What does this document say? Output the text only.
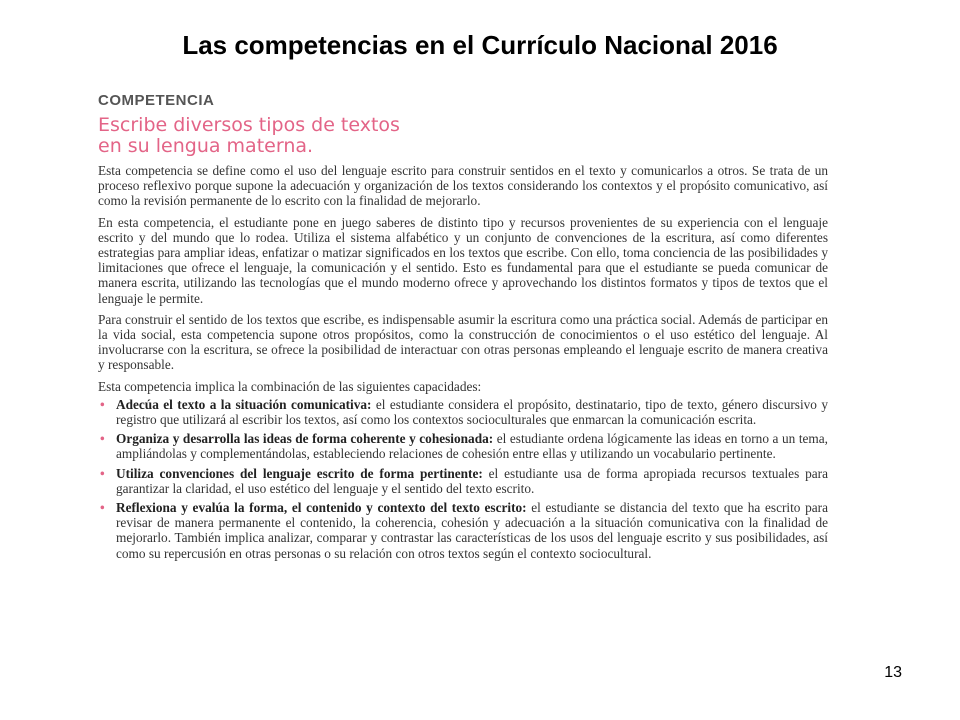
Las competencias en el Currículo Nacional 2016
COMPETENCIA
Escribe diversos tipos de textos
en su lengua materna.

Esta competencia se define como el uso del lenguaje escrito para construir sentidos en el texto y comunicarlos a otros. Se trata de un proceso reflexivo porque supone la adecuación y organización de los textos considerando los contextos y el propósito comunicativo, así como la revisión permanente de lo escrito con la finalidad de mejorarlo.

En esta competencia, el estudiante pone en juego saberes de distinto tipo y recursos provenientes de su experiencia con el lenguaje escrito y del mundo que lo rodea. Utiliza el sistema alfabético y un conjunto de convenciones de la escritura, así como diferentes estrategias para ampliar ideas, enfatizar o matizar significados en los textos que escribe. Con ello, toma conciencia de las posibilidades y limitaciones que ofrece el lenguaje, la comunicación y el sentido. Esto es fundamental para que el estudiante se pueda comunicar de manera escrita, utilizando las tecnologías que el mundo moderno ofrece y aprovechando los distintos formatos y tipos de textos que el lenguaje le permite.

Para construir el sentido de los textos que escribe, es indispensable asumir la escritura como una práctica social. Además de participar en la vida social, esta competencia supone otros propósitos, como la construcción de conocimientos o el uso estético del lenguaje. Al involucrarse con la escritura, se ofrece la posibilidad de interactuar con otras personas empleando el lenguaje escrito de manera creativa y responsable.

Esta competencia implica la combinación de las siguientes capacidades:

• Adecúa el texto a la situación comunicativa: el estudiante considera el propósito, destinatario, tipo de texto, género discursivo y registro que utilizará al escribir los textos, así como los contextos socioculturales que enmarcan la comunicación escrita.
• Organiza y desarrolla las ideas de forma coherente y cohesionada: el estudiante ordena lógicamente las ideas en torno a un tema, ampliándolas y complementándolas, estableciendo relaciones de cohesión entre ellas y utilizando un vocabulario pertinente.
• Utiliza convenciones del lenguaje escrito de forma pertinente: el estudiante usa de forma apropiada recursos textuales para garantizar la claridad, el uso estético del lenguaje y el sentido del texto escrito.
• Reflexiona y evalúa la forma, el contenido y contexto del texto escrito: el estudiante se distancia del texto que ha escrito para revisar de manera permanente el contenido, la coherencia, cohesión y adecuación a la situación comunicativa con la finalidad de mejorarlo. También implica analizar, comparar y contrastar las características de los usos del lenguaje escrito y sus posibilidades, así como su repercusión en otras personas o su relación con otros textos según el contexto sociocultural.
13
